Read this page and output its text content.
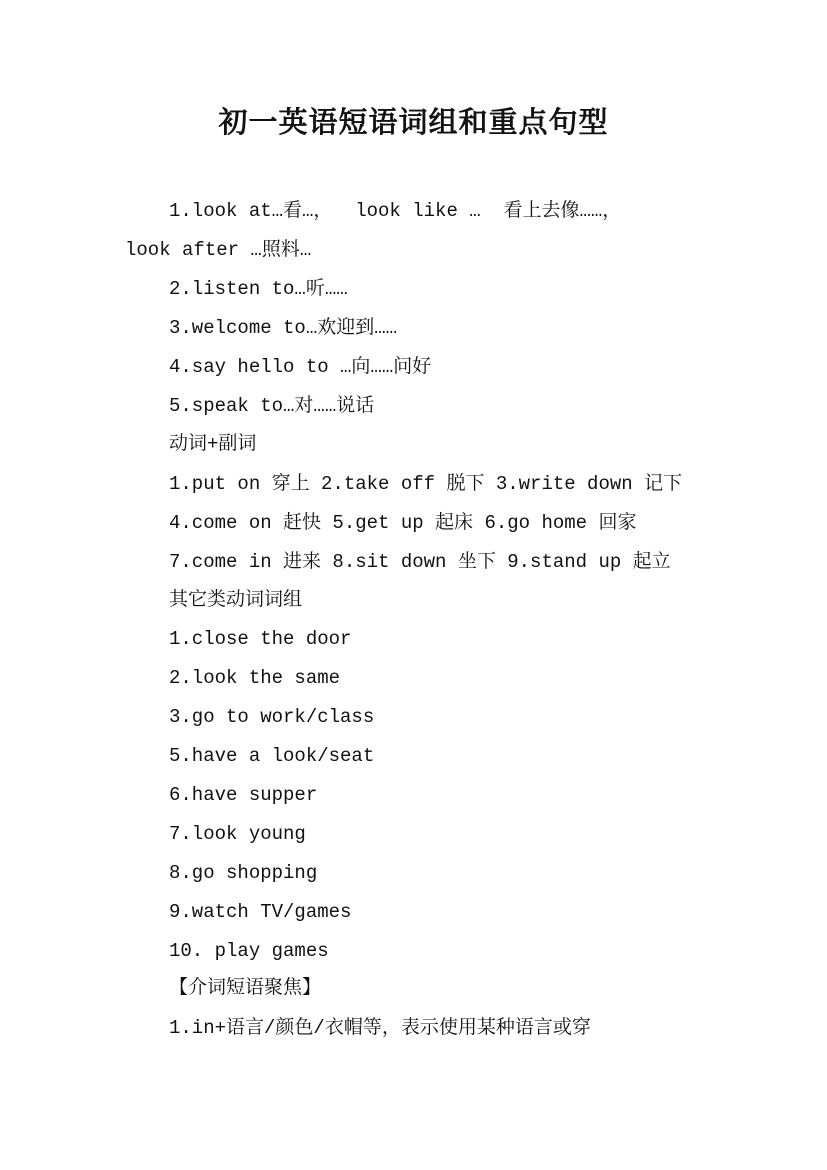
初一英语短语词组和重点句型

1.look at…看…，  look like …  看上去像……，

look after …照料…

2.listen to…听……

3.welcome to…欢迎到……

4.say hello to …向……问好

5.speak to…对……说话

动词+副词

1.put on 穿上 2.take off 脱下 3.write down 记下

4.come on 赶快 5.get up 起床 6.go home 回家

7.come in 进来 8.sit down 坐下 9.stand up 起立

其它类动词词组

1.close the door

2.look the same

3.go to work/class

5.have a look/seat

6.have supper

7.look young

8.go shopping

9.watch TV/games

10. play games

【介词短语聚焦】

1.in+语言/颜色/衣帽等，表示使用某种语言或穿
